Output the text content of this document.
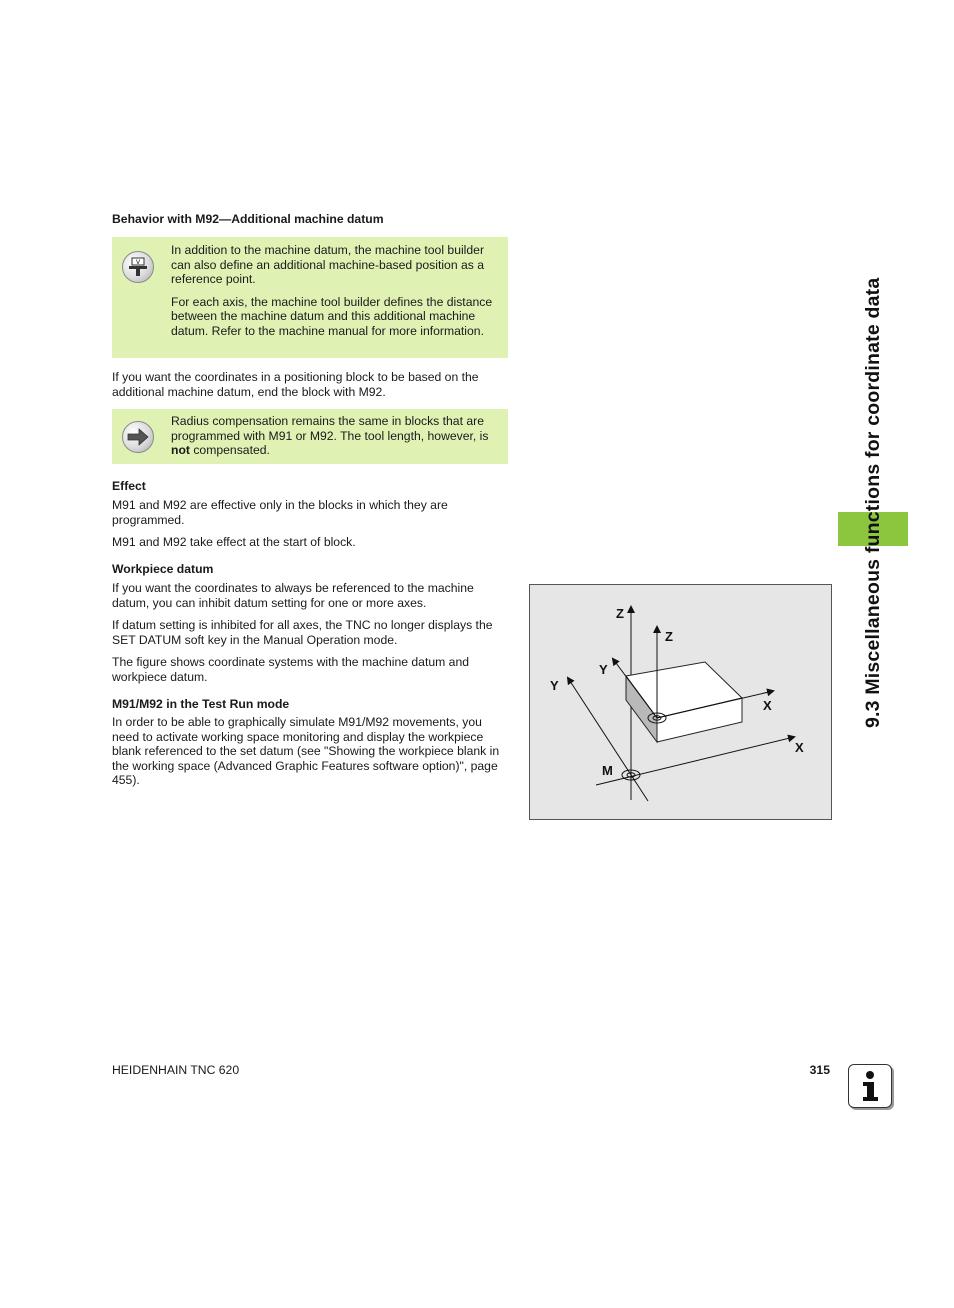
9.3 Miscellaneous functions for coordinate data
Behavior with M92—Additional machine datum
V

In addition to the machine datum, the machine tool builder can also define an additional machine-based position as a reference point.

For each axis, the machine tool builder defines the distance between the machine datum and this additional machine datum. Refer to the machine manual for more information.

If you want the coordinates in a positioning block to be based on the additional machine datum, end the block with M92.

Radius compensation remains the same in blocks that are programmed with M91 or M92. The tool length, however, is not compensated.

Effect

M91 and M92 are effective only in the blocks in which they are programmed.

M91 and M92 take effect at the start of block.

Workpiece datum

If you want the coordinates to always be referenced to the machine datum, you can inhibit datum setting for one or more axes.

If datum setting is inhibited for all axes, the TNC no longer displays the SET DATUM soft key in the Manual Operation mode.

The figure shows coordinate systems with the machine datum and workpiece datum.

M91/M92 in the Test Run mode

In order to be able to graphically simulate M91/M92 movements, you need to activate working space monitoring and display the workpiece blank referenced to the set datum (see "Showing the workpiece blank in the working space (Advanced Graphic Features software option)", page 455).

Z
Y
X
M
Z
Y
X
HEIDENHAIN TNC 620	315
